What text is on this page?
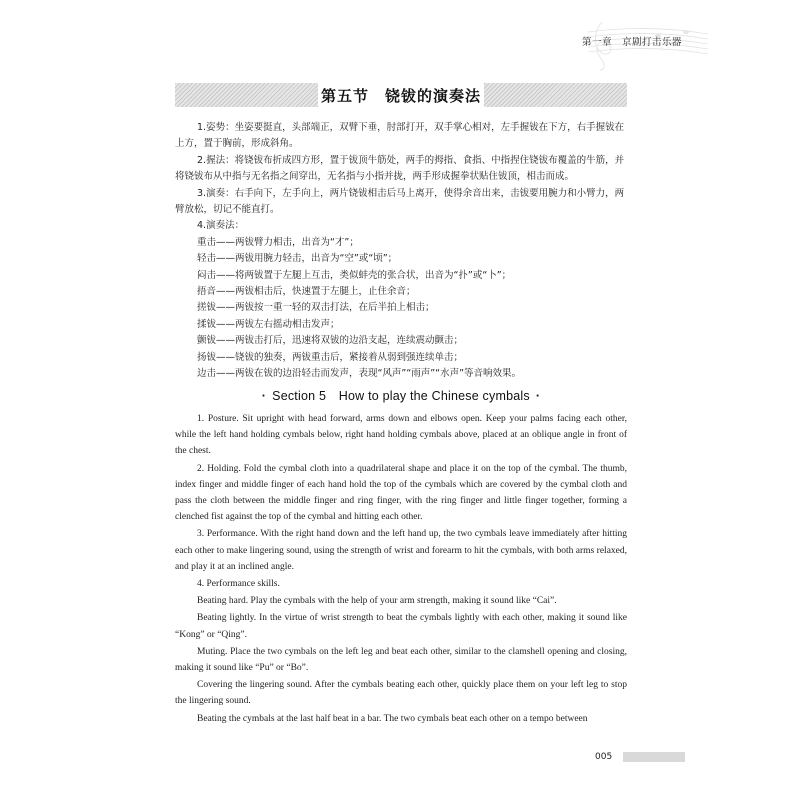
第一章　京剧打击乐器
第五节　铙钹的演奏法

1.姿势：坐姿要挺直，头部端正，双臂下垂，肘部打开，双手掌心相对，左手握钹在下方，右手握钹在上方，置于胸前，形成斜角。

2.握法：将铙钹布折成四方形，置于钹顶牛筋处，两手的拇指、食指、中指捏住铙钹布覆盖的牛筋，并将铙钹布从中指与无名指之间穿出，无名指与小指并拢，两手形成握拳状贴住钹顶，相击而成。

3.演奏：右手向下，左手向上，两片铙钹相击后马上离开，使得余音出来，击钹要用腕力和小臂力，两臂放松，切记不能直打。

4.演奏法：

重击——两钹臂力相击，出音为“才”；

轻击——两钹用腕力轻击，出音为“空”或“顷”；

闷击——将两钹置于左腿上互击，类似蚌壳的张合状，出音为“扑”或“卜”；

捂音——两钹相击后，快速置于左腿上，止住余音；

搓钹——两钹按一重一轻的双击打法，在后半拍上相击；

揉钹——两钹左右摇动相击发声；

颤钹——两钹击打后，迅速将双钹的边沿支起，连续震动颤击；

扬钹——铙钹的独奏，两钹重击后，紧接着从弱到强连续单击；

边击——两钹在钹的边沿轻击而发声，表现“风声”“雨声”“水声”等音响效果。

· Section 5　How to play the Chinese cymbals ·

1. Posture. Sit upright with head forward, arms down and elbows open. Keep your palms facing each other, while the left hand holding cymbals below, right hand holding cymbals above, placed at an oblique angle in front of the chest.

2. Holding. Fold the cymbal cloth into a quadrilateral shape and place it on the top of the cymbal. The thumb, index finger and middle finger of each hand hold the top of the cymbals which are covered by the cymbal cloth and pass the cloth between the middle finger and ring finger, with the ring finger and little finger together, forming a clenched fist against the top of the cymbal and hitting each other.

3. Performance. With the right hand down and the left hand up, the two cymbals leave immediately after hitting each other to make lingering sound, using the strength of wrist and forearm to hit the cymbals, with both arms relaxed, and play it at an inclined angle.

4. Performance skills.

Beating hard. Play the cymbals with the help of your arm strength, making it sound like “Cai”.

Beating lightly. In the virtue of wrist strength to beat the cymbals lightly with each other, making it sound like “Kong” or “Qing”.

Muting. Place the two cymbals on the left leg and beat each other, similar to the clamshell opening and closing, making it sound like “Pu” or “Bo”.

Covering the lingering sound. After the cymbals beating each other, quickly place them on your left leg to stop the lingering sound.

Beating the cymbals at the last half beat in a bar. The two cymbals beat each other on a tempo between

005
